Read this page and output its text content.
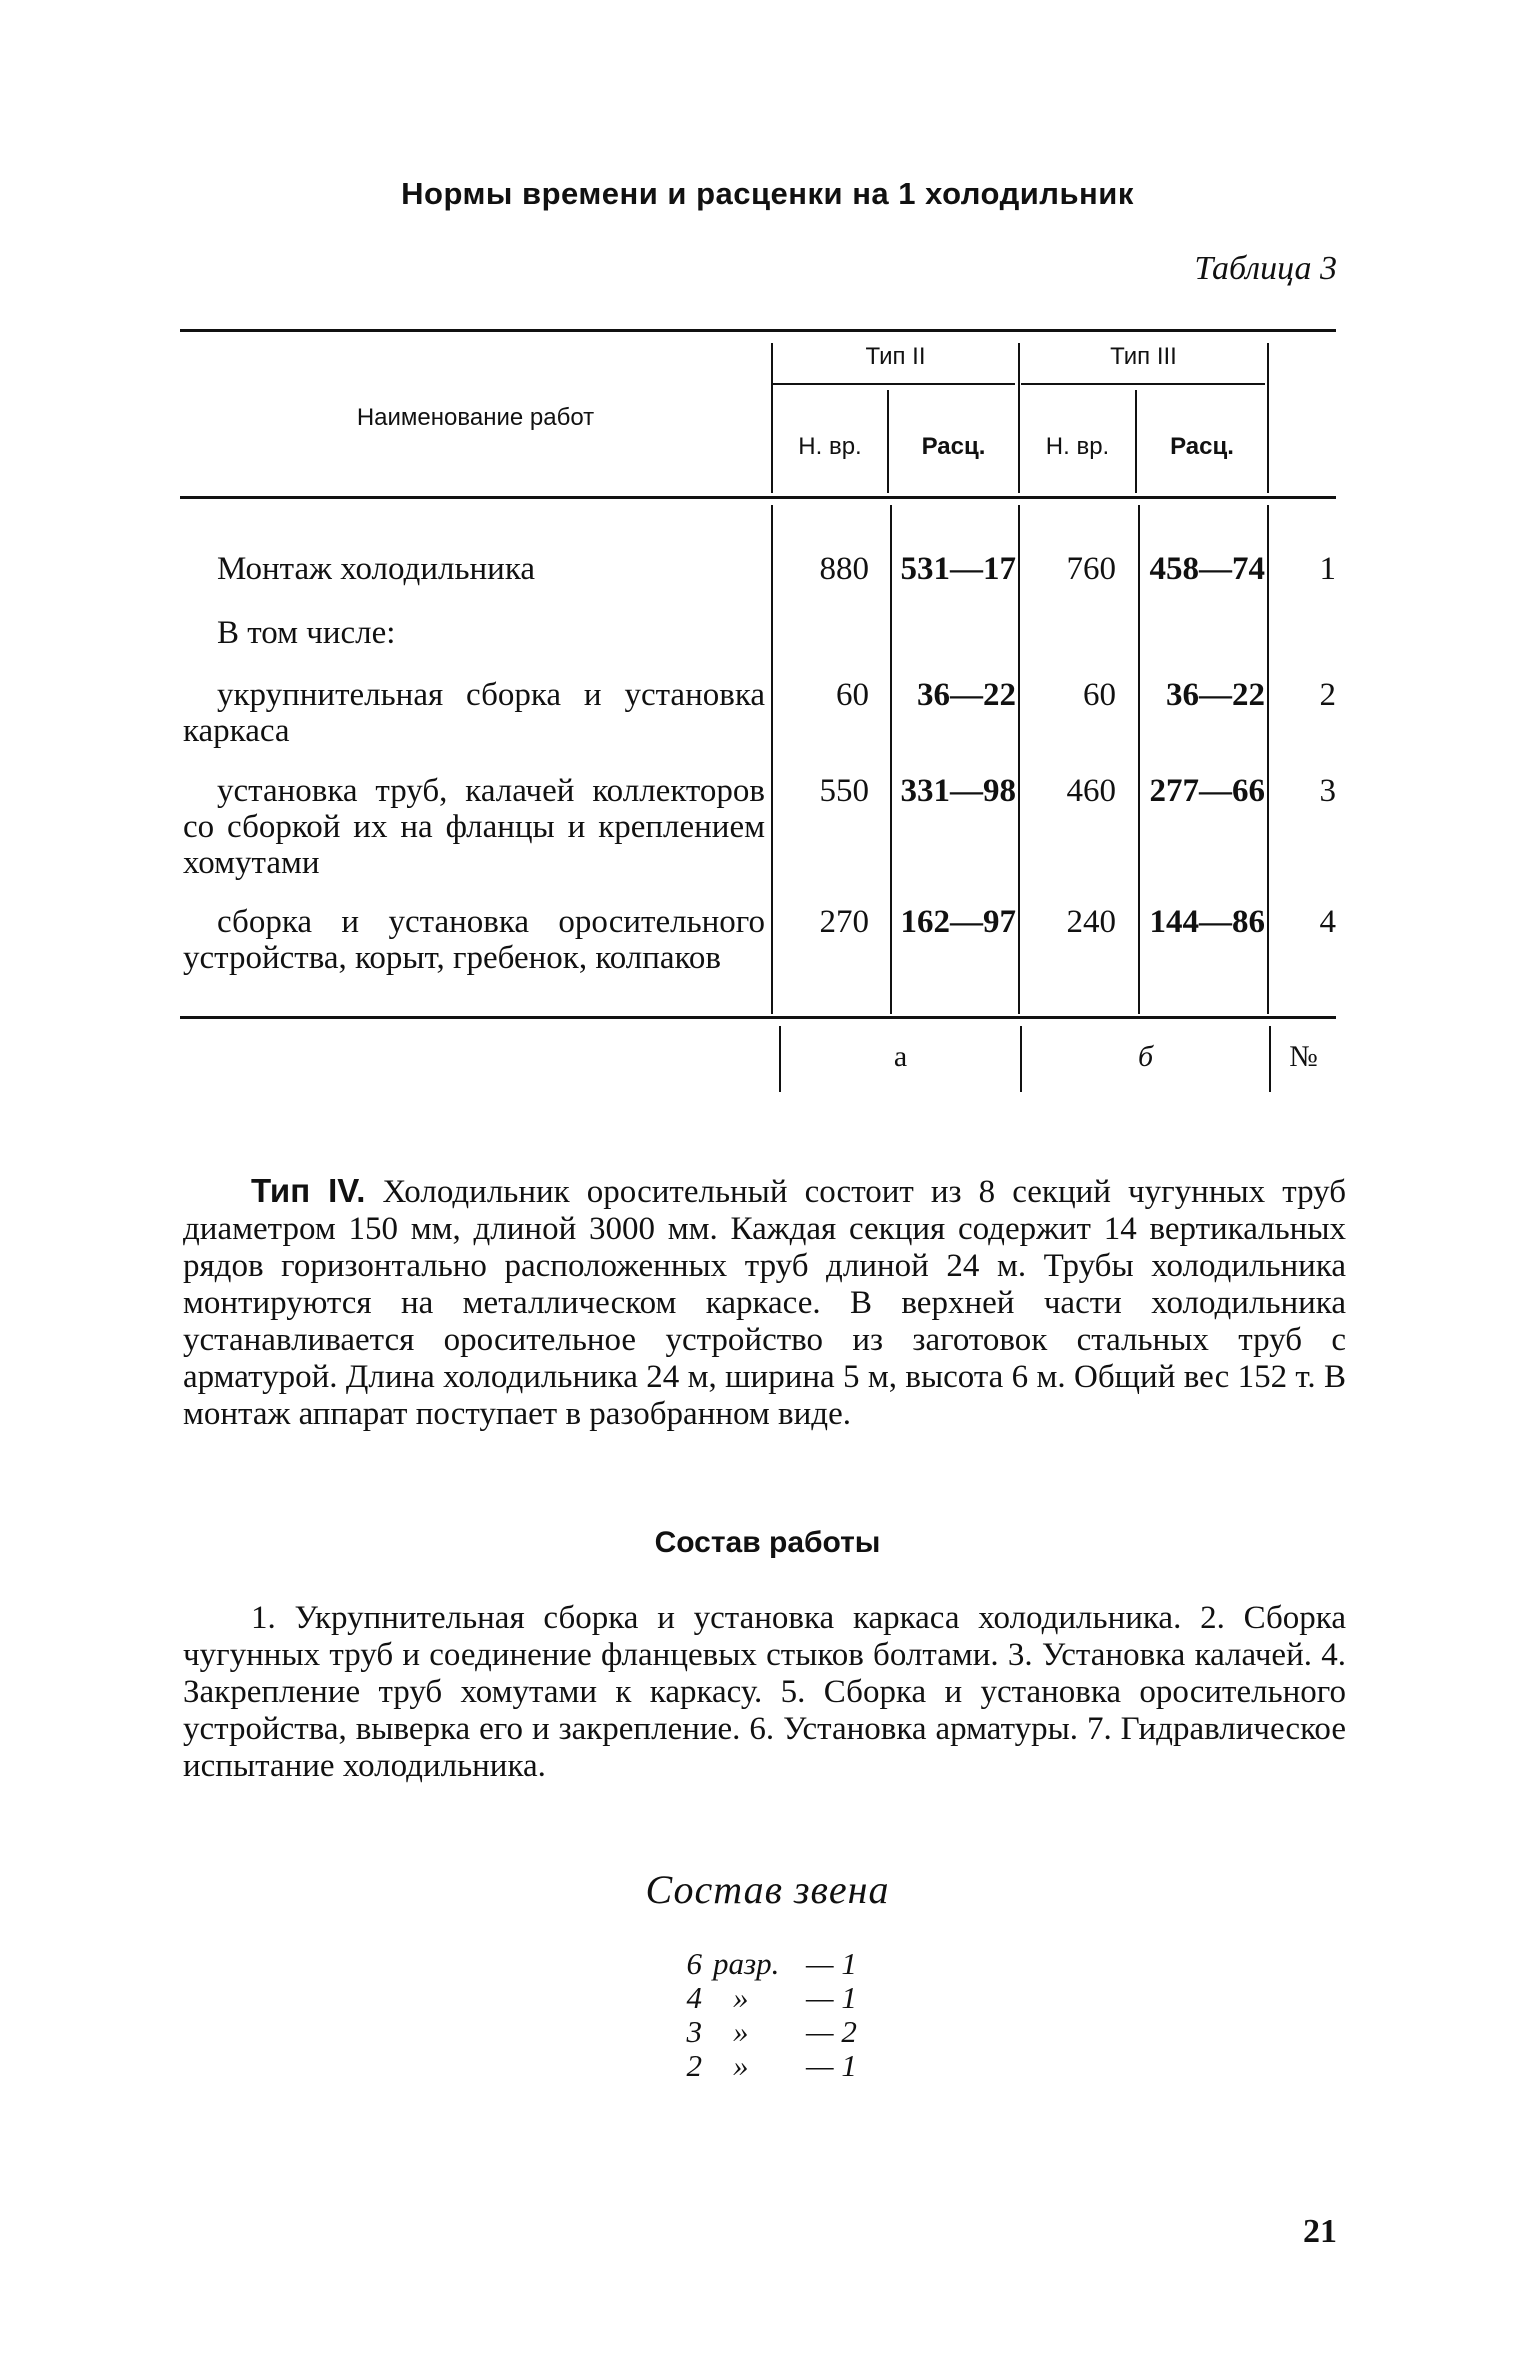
Нормы времени и расценки на 1 холодильник
Таблица 3
Наименование работ
Тип II	Тип III
Н. вр.	Расц.	Н. вр.	Расц.
Монтаж холодильника	880 531—17	760 458—74	1
В том числе:
укрупнительная сборка и установка каркаса
60	36—22	60	36—22	2
установка труб, калачей коллекторов со сборкой их на фланцы и креплением хомутами
550 331—98	460 277—66	3
сборка и установка оросительного устройства, корыт, гребенок, колпаков
270 162—97	240 144—86	4
а	б	№
Тип IV. Холодильник оросительный состоит из 8 секций чугунных труб диаметром 150 мм, длиной 3000 мм. Каждая секция содержит 14 вертикальных рядов горизонтально расположенных труб длиной 24 м. Трубы холодильника монтируются на металлическом каркасе. В верхней части холодильника устанавливается оросительное устройство из заготовок стальных труб с арматурой. Длина холодильника 24 м, ширина 5 м, высота 6 м. Общий вес 152 т. В монтаж аппарат поступает в разобранном виде.
Состав работы
1. Укрупнительная сборка и установка каркаса холодильника. 2. Сборка чугунных труб и соединение фланцевых стыков болтами. 3. Установка калачей. 4. Закрепление труб хомутами к каркасу. 5. Сборка и установка оросительного устройства, выверка его и закрепление. 6. Установка арматуры. 7. Гидравлическое испытание холодильника.
Состав звена
6 разр. — 1
4	»	— 1
3	»	— 2
2	»	— 1
21
